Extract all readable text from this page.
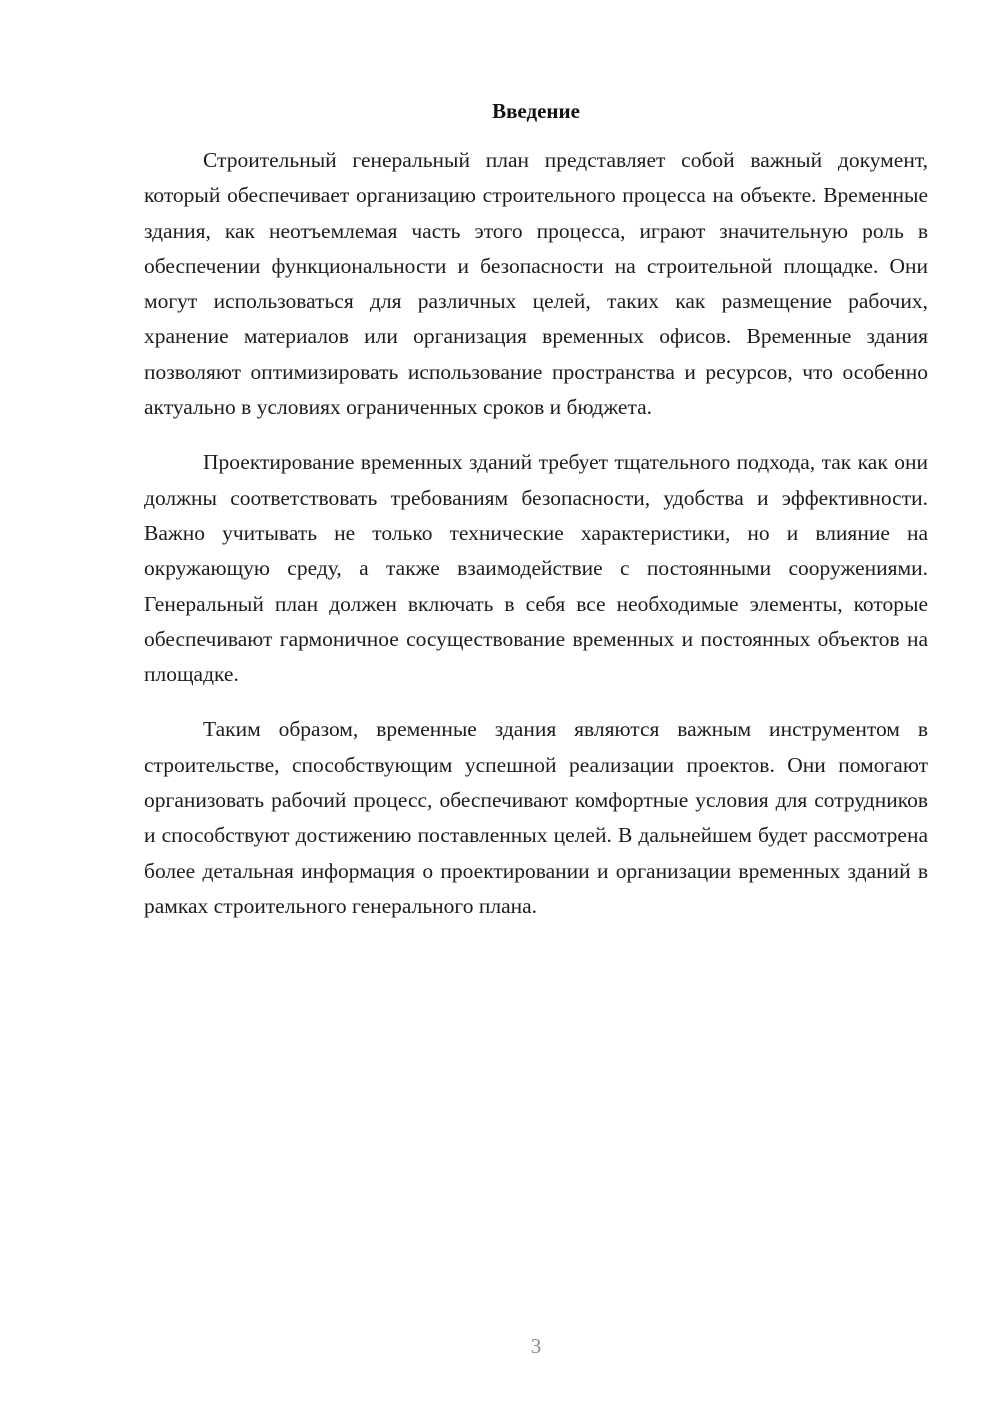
Введение

Строительный генеральный план представляет собой важный документ, который обеспечивает организацию строительного процесса на объекте. Временные здания, как неотъемлемая часть этого процесса, играют значительную роль в обеспечении функциональности и безопасности на строительной площадке. Они могут использоваться для различных целей, таких как размещение рабочих, хранение материалов или организация временных офисов. Временные здания позволяют оптимизировать использование пространства и ресурсов, что особенно актуально в условиях ограниченных сроков и бюджета.

Проектирование временных зданий требует тщательного подхода, так как они должны соответствовать требованиям безопасности, удобства и эффективности. Важно учитывать не только технические характеристики, но и влияние на окружающую среду, а также взаимодействие с постоянными сооружениями. Генеральный план должен включать в себя все необходимые элементы, которые обеспечивают гармоничное сосуществование временных и постоянных объектов на площадке.

Таким образом, временные здания являются важным инструментом в строительстве, способствующим успешной реализации проектов. Они помогают организовать рабочий процесс, обеспечивают комфортные условия для сотрудников и способствуют достижению поставленных целей. В дальнейшем будет рассмотрена более детальная информация о проектировании и организации временных зданий в рамках строительного генерального плана.

3
